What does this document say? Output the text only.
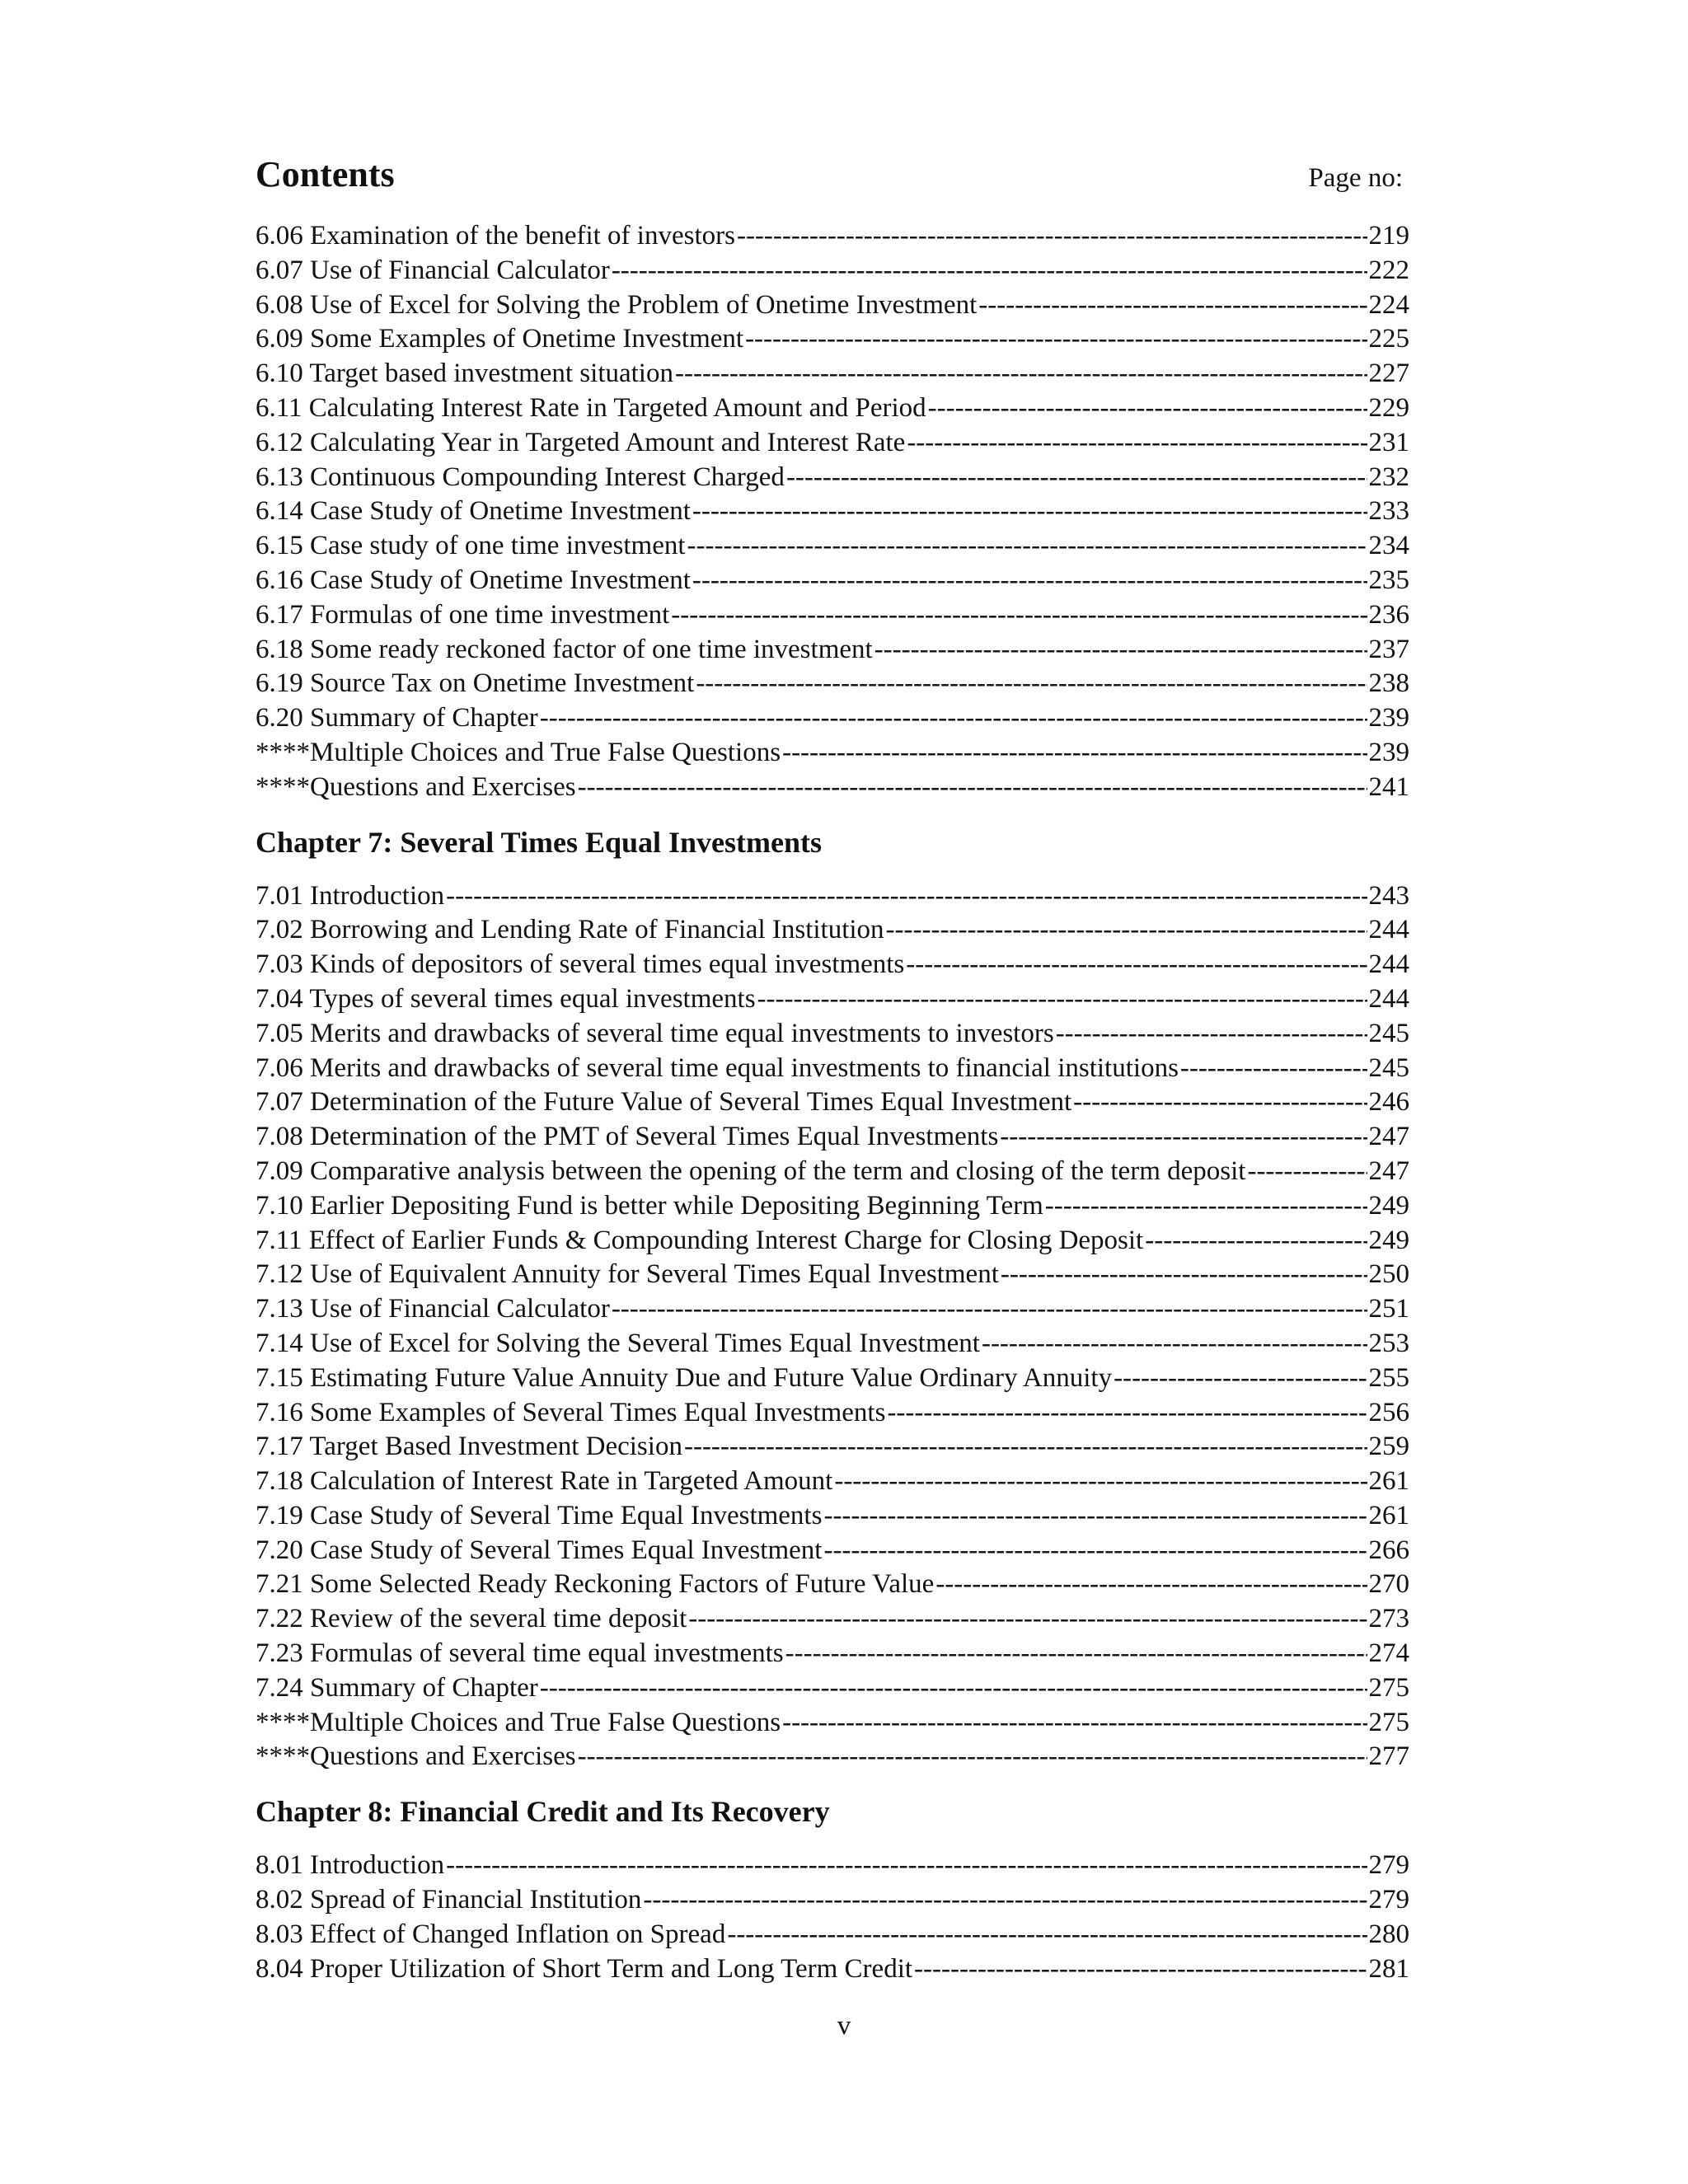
Contents	Page no:
6.06 Examination of the benefit of investors -----	219
6.07 Use of Financial Calculator -----	222
6.08 Use of Excel for Solving the Problem of Onetime Investment -----	224
6.09 Some Examples of Onetime Investment -----	225
6.10 Target based investment situation -----	227
6.11 Calculating Interest Rate in Targeted Amount and Period -----	229
6.12 Calculating Year in Targeted Amount and Interest Rate -----	231
6.13 Continuous Compounding Interest Charged -----	232
6.14 Case Study of Onetime Investment -----	233
6.15 Case study of one time investment -----	234
6.16 Case Study of Onetime Investment -----	235
6.17 Formulas of one time investment -----	236
6.18 Some ready reckoned factor of one time investment -----	237
6.19 Source Tax on Onetime Investment -----	238
6.20 Summary of Chapter -----	239
****Multiple Choices and True False Questions -----	239
****Questions and Exercises -----	241
Chapter 7: Several Times Equal Investments
7.01 Introduction -----	243
7.02 Borrowing and Lending Rate of Financial Institution -----	244
7.03 Kinds of depositors of several times equal investments -----	244
7.04 Types of several times equal investments -----	244
7.05 Merits and drawbacks of several time equal investments to investors -----	245
7.06 Merits and drawbacks of several time equal investments to financial institutions -----	245
7.07 Determination of the Future Value of Several Times Equal Investment -----	246
7.08 Determination of the PMT of Several Times Equal Investments -----	247
7.09 Comparative analysis between the opening of the term and closing of the term deposit -----	247
7.10 Earlier Depositing Fund is better while Depositing Beginning Term -----	249
7.11 Effect of Earlier Funds & Compounding Interest Charge for Closing Deposit -----	249
7.12 Use of Equivalent Annuity for Several Times Equal Investment -----	250
7.13 Use of Financial Calculator -----	251
7.14 Use of Excel for Solving the Several Times Equal Investment -----	253
7.15 Estimating Future Value Annuity Due and Future Value Ordinary Annuity -----	255
7.16 Some Examples of Several Times Equal Investments -----	256
7.17 Target Based Investment Decision -----	259
7.18 Calculation of Interest Rate in Targeted Amount -----	261
7.19 Case Study of Several Time Equal Investments -----	261
7.20 Case Study of Several Times Equal Investment -----	266
7.21 Some Selected Ready Reckoning Factors of Future Value -----	270
7.22 Review of the several time deposit -----	273
7.23 Formulas of several time equal investments -----	274
7.24 Summary of Chapter -----	275
****Multiple Choices and True False Questions -----	275
****Questions and Exercises -----	277
Chapter 8: Financial Credit and Its Recovery
8.01 Introduction -----	279
8.02 Spread of Financial Institution -----	279
8.03 Effect of Changed Inflation on Spread -----	280
8.04 Proper Utilization of Short Term and Long Term Credit -----	281
v
